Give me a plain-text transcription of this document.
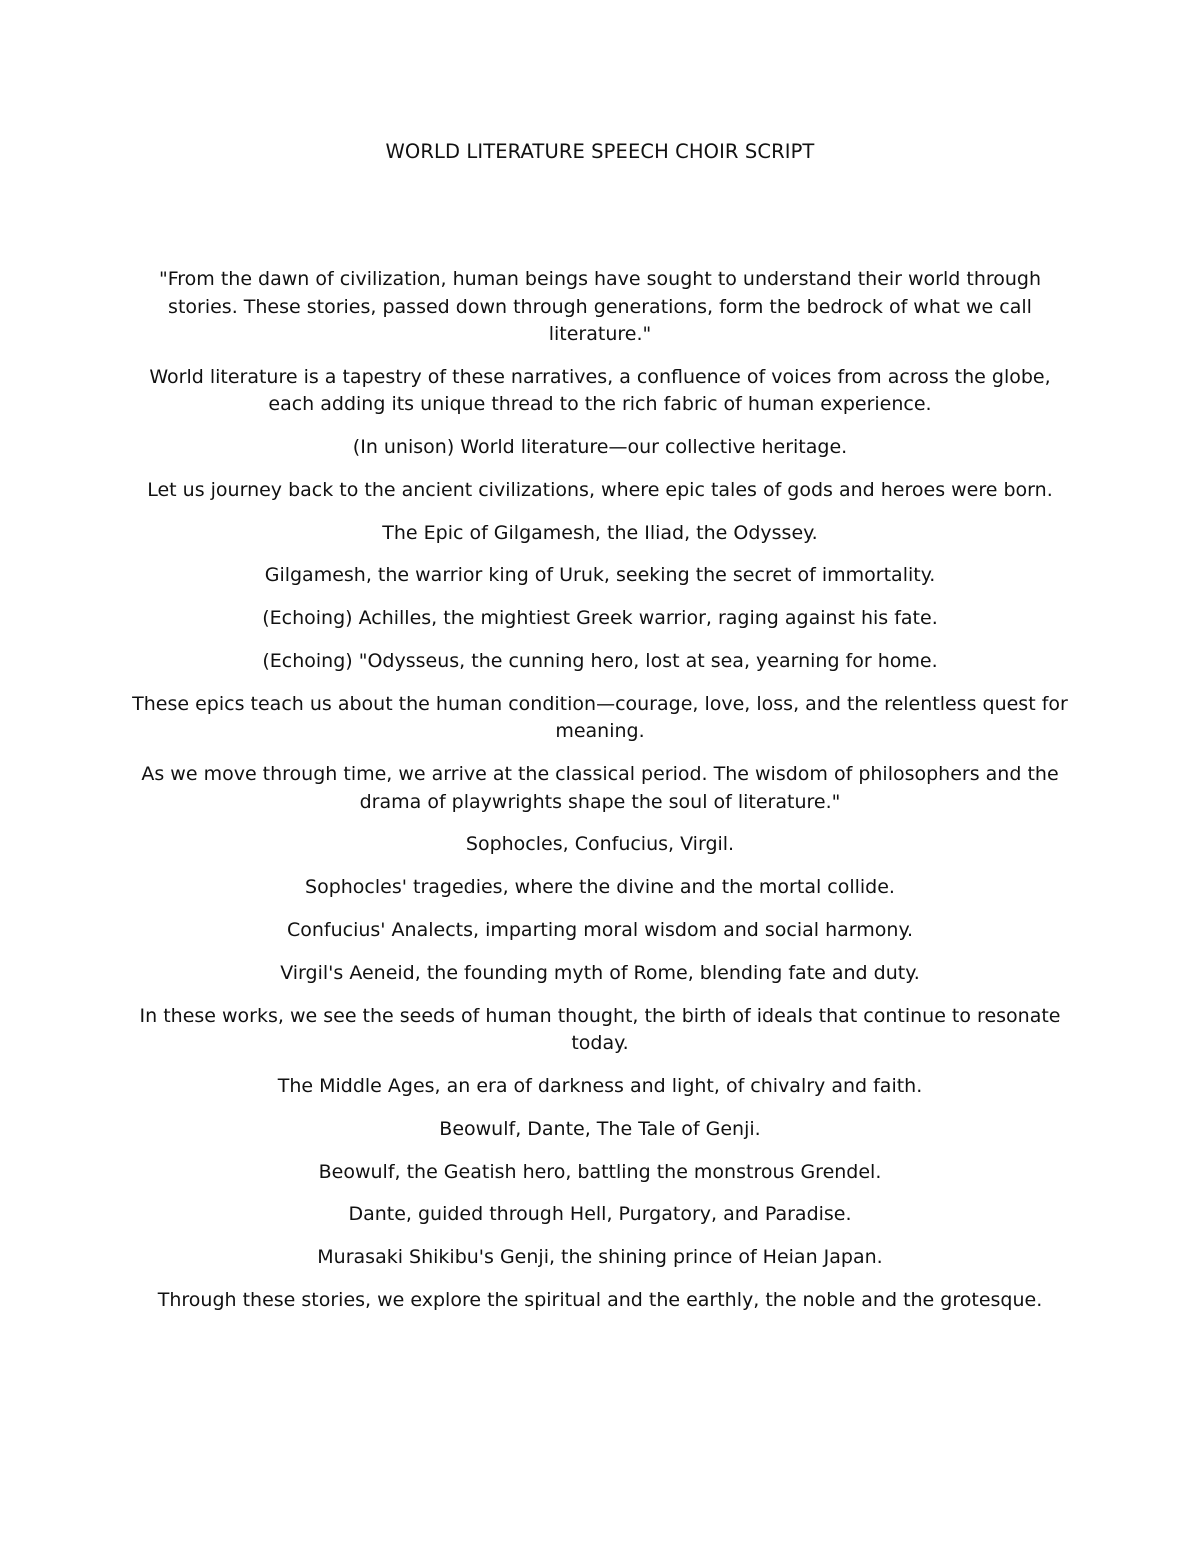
WORLD LITERATURE SPEECH CHOIR SCRIPT

"From the dawn of civilization, human beings have sought to understand their world through stories. These stories, passed down through generations, form the bedrock of what we call literature."

World literature is a tapestry of these narratives, a confluence of voices from across the globe, each adding its unique thread to the rich fabric of human experience.

(In unison) World literature—our collective heritage.

Let us journey back to the ancient civilizations, where epic tales of gods and heroes were born.

The Epic of Gilgamesh, the Iliad, the Odyssey.

Gilgamesh, the warrior king of Uruk, seeking the secret of immortality.

(Echoing) Achilles, the mightiest Greek warrior, raging against his fate.

(Echoing) "Odysseus, the cunning hero, lost at sea, yearning for home.

These epics teach us about the human condition—courage, love, loss, and the relentless quest for meaning.

As we move through time, we arrive at the classical period. The wisdom of philosophers and the drama of playwrights shape the soul of literature."

Sophocles, Confucius, Virgil.

Sophocles' tragedies, where the divine and the mortal collide.

Confucius' Analects, imparting moral wisdom and social harmony.

Virgil's Aeneid, the founding myth of Rome, blending fate and duty.

In these works, we see the seeds of human thought, the birth of ideals that continue to resonate today.

The Middle Ages, an era of darkness and light, of chivalry and faith.

Beowulf, Dante, The Tale of Genji.

Beowulf, the Geatish hero, battling the monstrous Grendel.

Dante, guided through Hell, Purgatory, and Paradise.

Murasaki Shikibu's Genji, the shining prince of Heian Japan.

Through these stories, we explore the spiritual and the earthly, the noble and the grotesque.
